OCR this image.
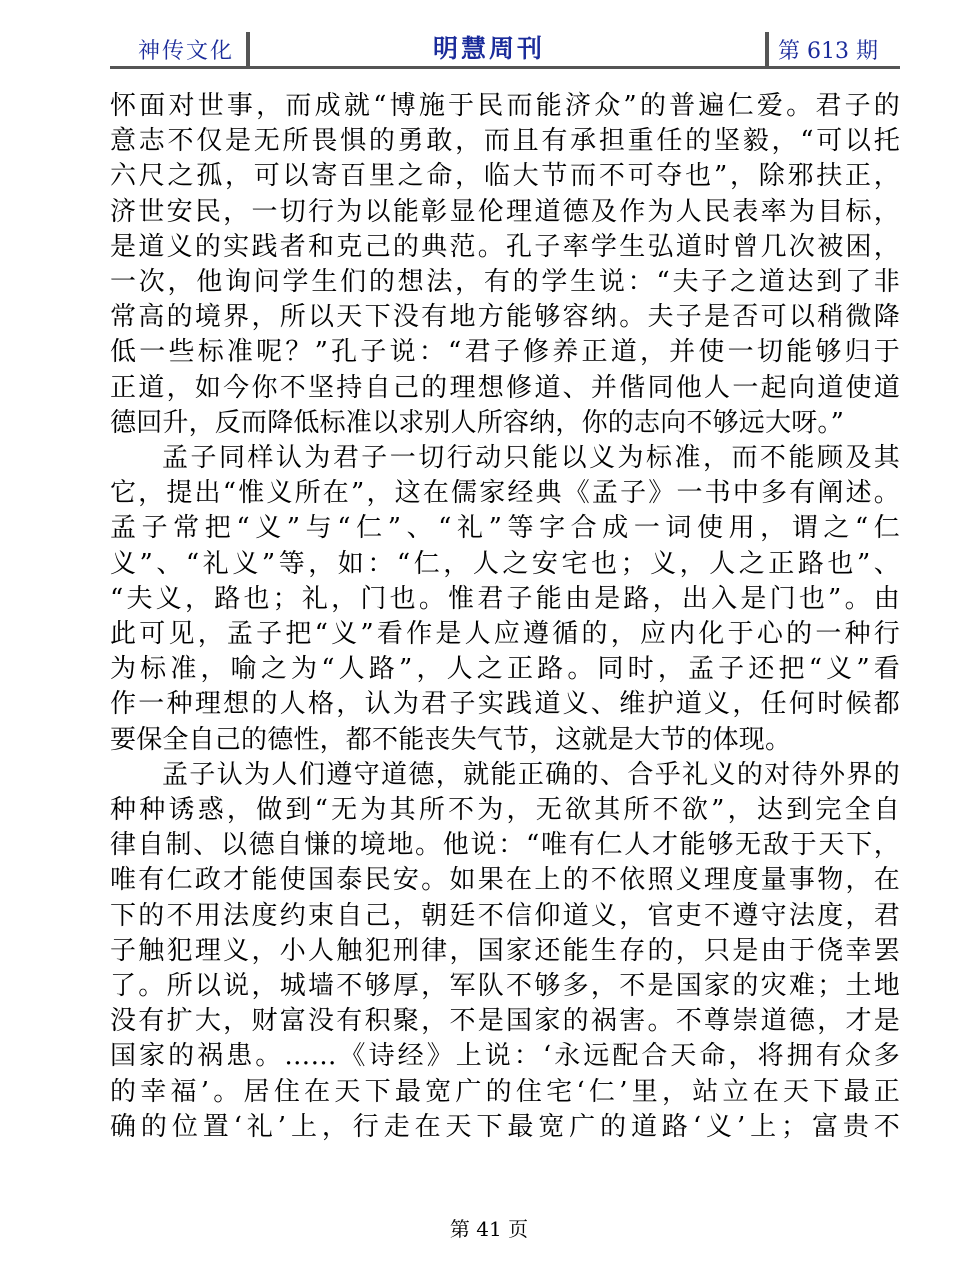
神传文化	明慧周刊	第 613 期

怀面对世事，而成就“博施于民而能济众”的普遍仁爱。君子的

意志不仅是无所畏惧的勇敢，而且有承担重任的坚毅，“可以托

六尺之孤，可以寄百里之命，临大节而不可夺也”，除邪扶正，

济世安民，一切行为以能彰显伦理道德及作为人民表率为目标，

是道义的实践者和克己的典范。孔子率学生弘道时曾几次被困，

一次，他询问学生们的想法，有的学生说：“夫子之道达到了非

常高的境界，所以天下没有地方能够容纳。夫子是否可以稍微降

低一些标准呢？”孔子说：“君子修养正道，并使一切能够归于

正道，如今你不坚持自己的理想修道、并偕同他人一起向道使道

德回升，反而降低标准以求别人所容纳，你的志向不够远大呀。”

孟子同样认为君子一切行动只能以义为标准，而不能顾及其

它，提出“惟义所在”，这在儒家经典《孟子》一书中多有阐述。

孟子常把“义”与“仁”、“礼”等字合成一词使用，谓之“仁

义”、“礼义”等，如：“仁，人之安宅也；义，人之正路也”、

“夫义，路也；礼，门也。惟君子能由是路，出入是门也”。由

此可见，孟子把“义”看作是人应遵循的，应内化于心的一种行

为标准，喻之为“人路”，人之正路。同时，孟子还把“义”看

作一种理想的人格，认为君子实践道义、维护道义，任何时候都

要保全自己的德性，都不能丧失气节，这就是大节的体现。

孟子认为人们遵守道德，就能正确的、合乎礼义的对待外界的

种种诱惑，做到“无为其所不为，无欲其所不欲”，达到完全自

律自制、以德自慊的境地。他说：“唯有仁人才能够无敌于天下，

唯有仁政才能使国泰民安。如果在上的不依照义理度量事物，在

下的不用法度约束自己，朝廷不信仰道义，官吏不遵守法度，君

子触犯理义，小人触犯刑律，国家还能生存的，只是由于侥幸罢

了。所以说，城墙不够厚，军队不够多，不是国家的灾难；土地

没有扩大，财富没有积聚，不是国家的祸害。不尊崇道德，才是

国家的祸患。……《诗经》上说：‘永远配合天命，将拥有众多

的幸福’。居住在天下最宽广的住宅‘仁’里，站立在天下最正

确的位置‘礼’上，行走在天下最宽广的道路‘义’上；富贵不

第 41 页
